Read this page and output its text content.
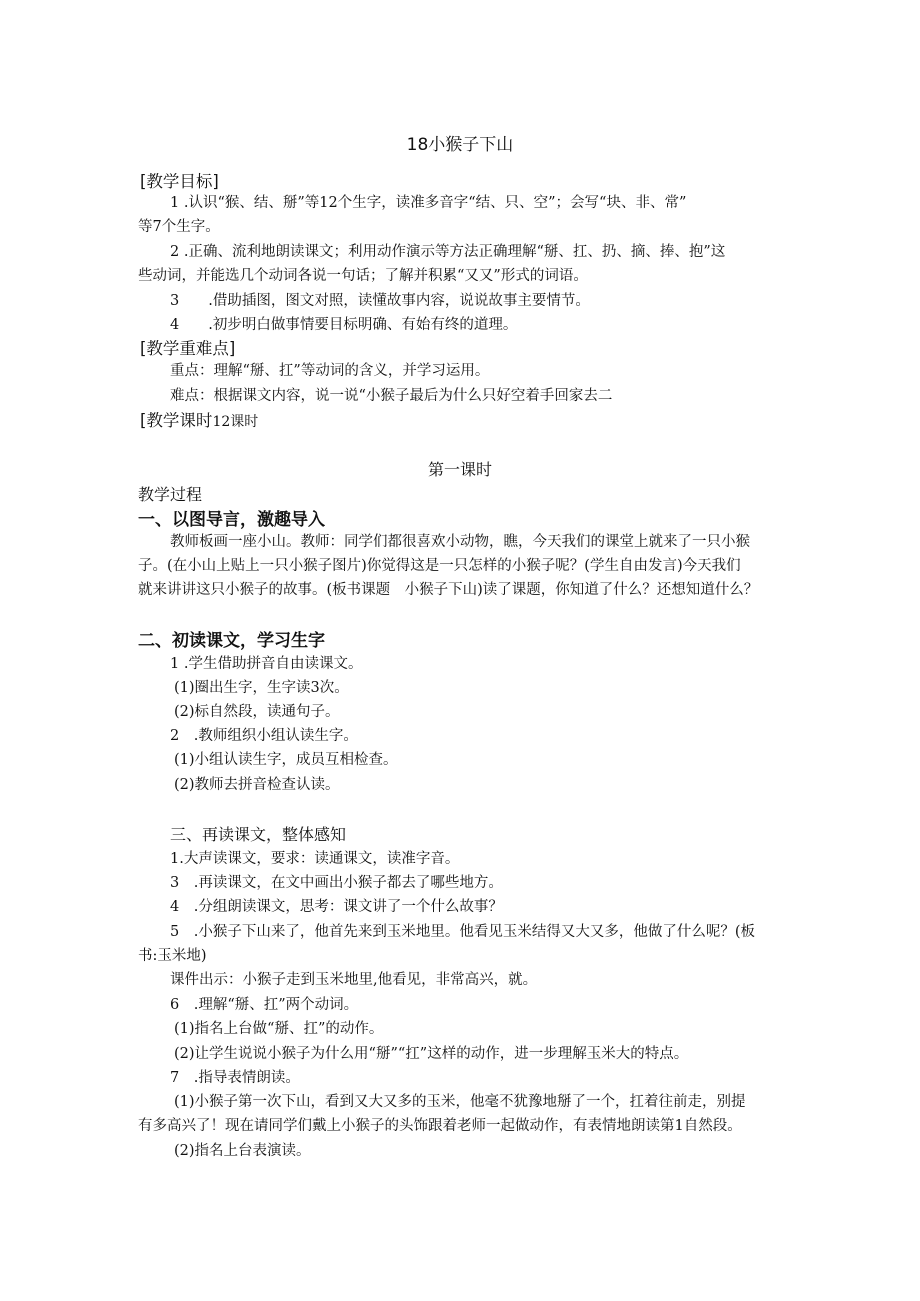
18小猴子下山
[教学目标]
1 .认识“猴、结、掰”等12个生字，读准多音字“结、只、空”；会写“块、非、常”
等7个生字。
2 .正确、流利地朗读课文；利用动作演示等方法正确理解“掰、扛、扔、摘、捧、抱”这
些动词，并能选几个动词各说一句话；了解并积累“又又”形式的词语。
3　　.借助插图，图文对照，读懂故事内容，说说故事主要情节。
4　　.初步明白做事情要目标明确、有始有终的道理。
[教学重难点]
重点：理解“掰、扛”等动词的含义，并学习运用。
难点：根据课文内容，说一说“小猴子最后为什么只好空着手回家去二
[教学课时12课时
第一课时
教学过程
一、以图导言，激趣导入
教师板画一座小山。教师：同学们都很喜欢小动物，瞧，今天我们的课堂上就来了一只小猴
子。(在小山上贴上一只小猴子图片)你觉得这是一只怎样的小猴子呢？(学生自由发言)今天我们
就来讲讲这只小猴子的故事。(板书课题　小猴子下山)读了课题，你知道了什么？还想知道什么？
二、初读课文，学习生字
1 .学生借助拼音自由读课文。
(1)圈出生字，生字读3次。
(2)标自然段，读通句子。
2　.教师组织小组认读生字。
(1)小组认读生字，成员互相检查。
(2)教师去拼音检查认读。
三、再读课文，整体感知
1.大声读课文，要求：读通课文，读准字音。
3　.再读课文，在文中画出小猴子都去了哪些地方。
4　.分组朗读课文，思考：课文讲了一个什么故事？
5　.小猴子下山来了，他首先来到玉米地里。他看见玉米结得又大又多，他做了什么呢？(板
书:玉米地)
课件出示：小猴子走到玉米地里,他看见，非常高兴，就。
6　.理解“掰、扛”两个动词。
(1)指名上台做“掰、扛”的动作。
(2)让学生说说小猴子为什么用“掰”“扛”这样的动作，进一步理解玉米大的特点。
7　.指导表情朗读。
(1)小猴子第一次下山，看到又大又多的玉米，他毫不犹豫地掰了一个，扛着往前走，别提
有多高兴了！现在请同学们戴上小猴子的头饰跟着老师一起做动作，有表情地朗读第1自然段。
(2)指名上台表演读。
